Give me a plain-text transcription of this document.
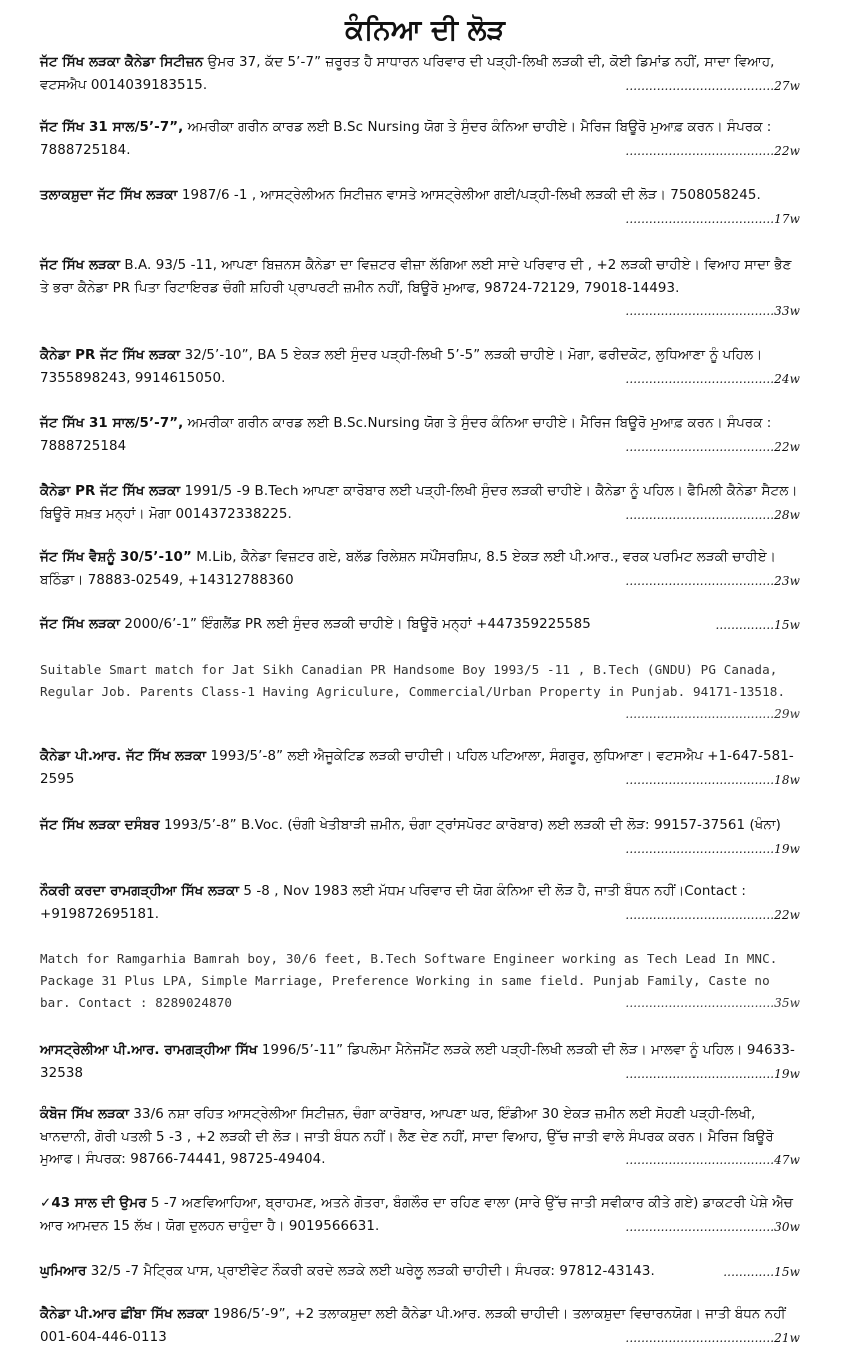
ਕੰਨਿਆ ਦੀ ਲੋੜ
ਜੱਟ ਸਿੱਖ ਲੜਕਾ ਕੈਨੇਡਾ ਸਿਟੀਜ਼ਨ ਉਮਰ 37, ਕੱਦ 5’-7” ਜ਼ਰੂਰਤ ਹੈ ਸਾਧਾਰਨ ਪਰਿਵਾਰ ਦੀ ਪੜ੍ਹੀ-ਲਿਖੀ ਲੜਕੀ ਦੀ, ਕੋਈ ਡਿਮਾਂਡ ਨਹੀਂ, ਸਾਦਾ ਵਿਆਹ, ਵਟਸਐਪ 0014039183515.	......................................27w
ਜੱਟ ਸਿੱਖ 31 ਸਾਲ/5’-7”, ਅਮਰੀਕਾ ਗਰੀਨ ਕਾਰਡ ਲਈ B.Sc Nursing ਯੋਗ ਤੇ ਸੁੰਦਰ ਕੰਨਿਆ ਚਾਹੀਏ। ਮੈਰਿਜ ਬਿਊਰੋ ਮੁਆਫ਼ ਕਰਨ। ਸੰਪਰਕ : 7888725184.	......................................22w
ਤਲਾਕਸ਼ੁਦਾ ਜੱਟ ਸਿੱਖ ਲੜਕਾ 1987/6 -1 , ਆਸਟ੍ਰੇਲੀਅਨ ਸਿਟੀਜ਼ਨ ਵਾਸਤੇ ਆਸਟ੍ਰੇਲੀਆ ਗਈ/ਪੜ੍ਹੀ-ਲਿਖੀ ਲੜਕੀ ਦੀ ਲੋੜ। 7508058245.
......................................17w
ਜੱਟ ਸਿੱਖ ਲੜਕਾ B.A. 93/5 -11, ਆਪਣਾ ਬਿਜ਼ਨਸ ਕੈਨੇਡਾ ਦਾ ਵਿਜ਼ਟਰ ਵੀਜ਼ਾ ਲੱਗਿਆ ਲਈ ਸਾਦੇ ਪਰਿਵਾਰ ਦੀ , +2 ਲੜਕੀ ਚਾਹੀਏ। ਵਿਆਹ ਸਾਦਾ ਭੈਣ ਤੇ ਭਰਾ ਕੈਨੇਡਾ PR ਪਿਤਾ ਰਿਟਾਇਰਡ ਚੰਗੀ ਸ਼ਹਿਰੀ ਪ੍ਰਾਪਰਟੀ ਜ਼ਮੀਨ ਨਹੀਂ, ਬਿਊਰੋ ਮੁਆਫ, 98724-72129, 79018-14493.
......................................33w
ਕੈਨੇਡਾ PR ਜੱਟ ਸਿੱਖ ਲੜਕਾ 32/5’-10”, BA 5 ਏਕੜ ਲਈ ਸੁੰਦਰ ਪੜ੍ਹੀ-ਲਿਖੀ 5’-5” ਲੜਕੀ ਚਾਹੀਏ। ਮੋਗਾ, ਫਰੀਦਕੋਟ, ਲੁਧਿਆਣਾ ਨੂੰ ਪਹਿਲ। 7355898243, 9914615050.	......................................24w
ਜੱਟ ਸਿੱਖ 31 ਸਾਲ/5’-7”, ਅਮਰੀਕਾ ਗਰੀਨ ਕਾਰਡ ਲਈ B.Sc.Nursing ਯੋਗ ਤੇ ਸੁੰਦਰ ਕੰਨਿਆ ਚਾਹੀਏ। ਮੈਰਿਜ ਬਿਊਰੋ ਮੁਆਫ਼ ਕਰਨ। ਸੰਪਰਕ : 7888725184	......................................22w
ਕੈਨੇਡਾ PR ਜੱਟ ਸਿੱਖ ਲੜਕਾ 1991/5 -9 B.Tech ਆਪਣਾ ਕਾਰੋਬਾਰ ਲਈ ਪੜ੍ਹੀ-ਲਿਖੀ ਸੁੰਦਰ ਲੜਕੀ ਚਾਹੀਏ। ਕੈਨੇਡਾ ਨੂੰ ਪਹਿਲ। ਫੈਮਿਲੀ ਕੈਨੇਡਾ ਸੈਟਲ। ਬਿਊਰੋ ਸਖ਼ਤ ਮਨ੍ਹਾਂ। ਮੋਗਾ 0014372338225.	......................................28w
ਜੱਟ ਸਿੱਖ ਵੈਸ਼ਨੂੰ 30/5’-10” M.Lib, ਕੈਨੇਡਾ ਵਿਜ਼ਟਰ ਗਏ, ਬਲੱਡ ਰਿਲੇਸ਼ਨ ਸਪੌਂਸਰਸ਼ਿਪ, 8.5 ਏਕੜ ਲਈ ਪੀ.ਆਰ., ਵਰਕ ਪਰਮਿਟ ਲੜਕੀ ਚਾਹੀਏ। ਬਠਿੰਡਾ। 78883-02549, +14312788360	......................................23w
ਜੱਟ ਸਿੱਖ ਲੜਕਾ 2000/6’-1” ਇੰਗਲੈਂਡ PR ਲਈ ਸੁੰਦਰ ਲੜਕੀ ਚਾਹੀਏ। ਬਿਊਰੋ ਮਨ੍ਹਾਂ +447359225585	...............15w
Suitable Smart match for Jat Sikh Canadian PR Handsome Boy 1993/5 -11 , B.Tech (GNDU) PG Canada, Regular Job. Parents Class-1 Having Agriculure, Commercial/Urban Property in Punjab. 94171-13518.
......................................29w
ਕੈਨੇਡਾ ਪੀ.ਆਰ. ਜੱਟ ਸਿੱਖ ਲੜਕਾ 1993/5’-8” ਲਈ ਐਜੂਕੇਟਿਡ ਲੜਕੀ ਚਾਹੀਦੀ। ਪਹਿਲ ਪਟਿਆਲਾ, ਸੰਗਰੂਰ, ਲੁਧਿਆਣਾ। ਵਟਸਐਪ +1-647-581-2595	......................................18w
ਜੱਟ ਸਿੱਖ ਲੜਕਾ ਦਸੰਬਰ 1993/5’-8” B.Voc. (ਚੰਗੀ ਖੇਤੀਬਾੜੀ ਜ਼ਮੀਨ, ਚੰਗਾ ਟ੍ਰਾਂਸਪੋਰਟ ਕਾਰੋਬਾਰ) ਲਈ ਲੜਕੀ ਦੀ ਲੋੜ: 99157-37561 (ਖੰਨਾ)
......................................19w
ਨੌਕਰੀ ਕਰਦਾ ਰਾਮਗੜ੍ਹੀਆ ਸਿੱਖ ਲੜਕਾ 5 -8 , Nov 1983 ਲਈ ਮੱਧਮ ਪਰਿਵਾਰ ਦੀ ਯੋਗ ਕੰਨਿਆ ਦੀ ਲੋੜ ਹੈ, ਜਾਤੀ ਬੰਧਨ ਨਹੀਂ।Contact : +919872695181.	......................................22w
Match for Ramgarhia Bamrah boy, 30/6 feet, B.Tech Software Engineer working as Tech Lead In MNC. Package 31 Plus LPA, Simple Marriage, Preference Working in same field. Punjab Family, Caste no bar. Contact : 8289024870	......................................35w
ਆਸਟ੍ਰੇਲੀਆ ਪੀ.ਆਰ. ਰਾਮਗੜ੍ਹੀਆ ਸਿੱਖ 1996/5’-11” ਡਿਪਲੋਮਾ ਮੈਨੇਜਮੈਂਟ ਲੜਕੇ ਲਈ ਪੜ੍ਹੀ-ਲਿਖੀ ਲੜਕੀ ਦੀ ਲੋੜ। ਮਾਲਵਾ ਨੂੰ ਪਹਿਲ। 94633-32538	......................................19w
ਕੰਬੋਜ ਸਿੱਖ ਲੜਕਾ 33/6 ਨਸ਼ਾ ਰਹਿਤ ਆਸਟ੍ਰੇਲੀਆ ਸਿਟੀਜ਼ਨ, ਚੰਗਾ ਕਾਰੋਬਾਰ, ਆਪਣਾ ਘਰ, ਇੰਡੀਆ 30 ਏਕੜ ਜ਼ਮੀਨ ਲਈ ਸੋਹਣੀ ਪੜ੍ਹੀ-ਲਿਖੀ, ਖਾਨਦਾਨੀ, ਗੋਰੀ ਪਤਲੀ 5 -3 , +2 ਲੜਕੀ ਦੀ ਲੋੜ। ਜਾਤੀ ਬੰਧਨ ਨਹੀਂ। ਲੈਣ ਦੇਣ ਨਹੀਂ, ਸਾਦਾ ਵਿਆਹ, ਉੱਚ ਜਾਤੀ ਵਾਲੇ ਸੰਪਰਕ ਕਰਨ। ਮੈਰਿਜ ਬਿਊਰੋ ਮੁਆਫ। ਸੰਪਰਕ: 98766-74441, 98725-49404.	......................................47w
✓43 ਸਾਲ ਦੀ ਉਮਰ 5 -7 ਅਣਵਿਆਹਿਆ, ਬ੍ਰਾਹਮਣ, ਅਤਨੇ ਗੋਤਰਾ, ਬੰਗਲੌਰ ਦਾ ਰਹਿਣ ਵਾਲਾ (ਸਾਰੇ ਉੱਚ ਜਾਤੀ ਸਵੀਕਾਰ ਕੀਤੇ ਗਏ) ਡਾਕਟਰੀ ਪੇਸ਼ੇ ਐਚ ਆਰ ਆਮਦਨ 15 ਲੱਖ। ਯੋਗ ਦੁਲਹਨ ਚਾਹੁੰਦਾ ਹੈ। 9019566631.	......................................30w
ਘੁਮਿਆਰ 32/5 -7 ਮੈਟ੍ਰਿਕ ਪਾਸ, ਪ੍ਰਾਈਵੇਟ ਨੌਕਰੀ ਕਰਦੇ ਲੜਕੇ ਲਈ ਘਰੇਲੂ ਲੜਕੀ ਚਾਹੀਦੀ। ਸੰਪਰਕ: 97812-43143.	.............15w
ਕੈਨੇਡਾ ਪੀ.ਆਰ ਛੀਂਬਾ ਸਿੱਖ ਲੜਕਾ 1986/5’-9”, +2 ਤਲਾਕਸ਼ੁਦਾ ਲਈ ਕੈਨੇਡਾ ਪੀ.ਆਰ. ਲੜਕੀ ਚਾਹੀਦੀ। ਤਲਾਕਸ਼ੁਦਾ ਵਿਚਾਰਨਯੋਗ। ਜਾਤੀ ਬੰਧਨ ਨਹੀਂ 001-604-446-0113	......................................21w
